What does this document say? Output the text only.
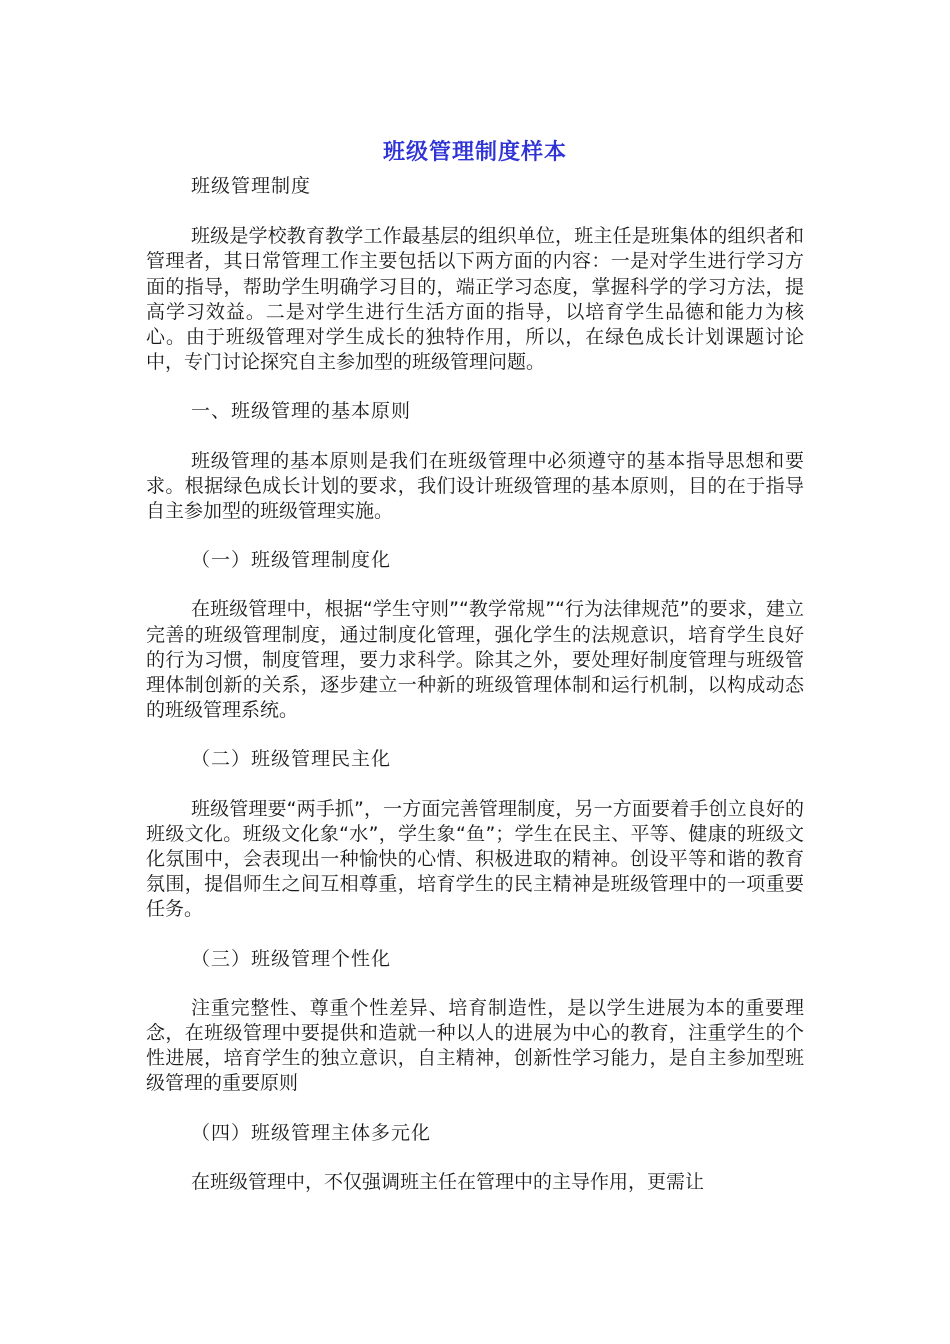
班级管理制度样本

班级管理制度

班级是学校教育教学工作最基层的组织单位，班主任是班集体的组织者和管理者，其日常管理工作主要包括以下两方面的内容：一是对学生进行学习方面的指导，帮助学生明确学习目的，端正学习态度，掌握科学的学习方法，提高学习效益。二是对学生进行生活方面的指导，以培育学生品德和能力为核心。由于班级管理对学生成长的独特作用，所以，在绿色成长计划课题讨论中，专门讨论探究自主参加型的班级管理问题。

一、班级管理的基本原则

班级管理的基本原则是我们在班级管理中必须遵守的基本指导思想和要求。根据绿色成长计划的要求，我们设计班级管理的基本原则，目的在于指导自主参加型的班级管理实施。

（一）班级管理制度化

在班级管理中，根据“学生守则”“教学常规”“行为法律规范”的要求，建立完善的班级管理制度，通过制度化管理，强化学生的法规意识，培育学生良好的行为习惯，制度管理，要力求科学。除其之外，要处理好制度管理与班级管理体制创新的关系，逐步建立一种新的班级管理体制和运行机制，以构成动态的班级管理系统。

（二）班级管理民主化

班级管理要“两手抓”，一方面完善管理制度，另一方面要着手创立良好的班级文化。班级文化象“水”，学生象“鱼”；学生在民主、平等、健康的班级文化氛围中，会表现出一种愉快的心情、积极进取的精神。创设平等和谐的教育氛围，提倡师生之间互相尊重，培育学生的民主精神是班级管理中的一项重要任务。

（三）班级管理个性化

注重完整性、尊重个性差异、培育制造性，是以学生进展为本的重要理念，在班级管理中要提供和造就一种以人的进展为中心的教育，注重学生的个性进展，培育学生的独立意识，自主精神，创新性学习能力，是自主参加型班级管理的重要原则

（四）班级管理主体多元化

在班级管理中，不仅强调班主任在管理中的主导作用，更需让
